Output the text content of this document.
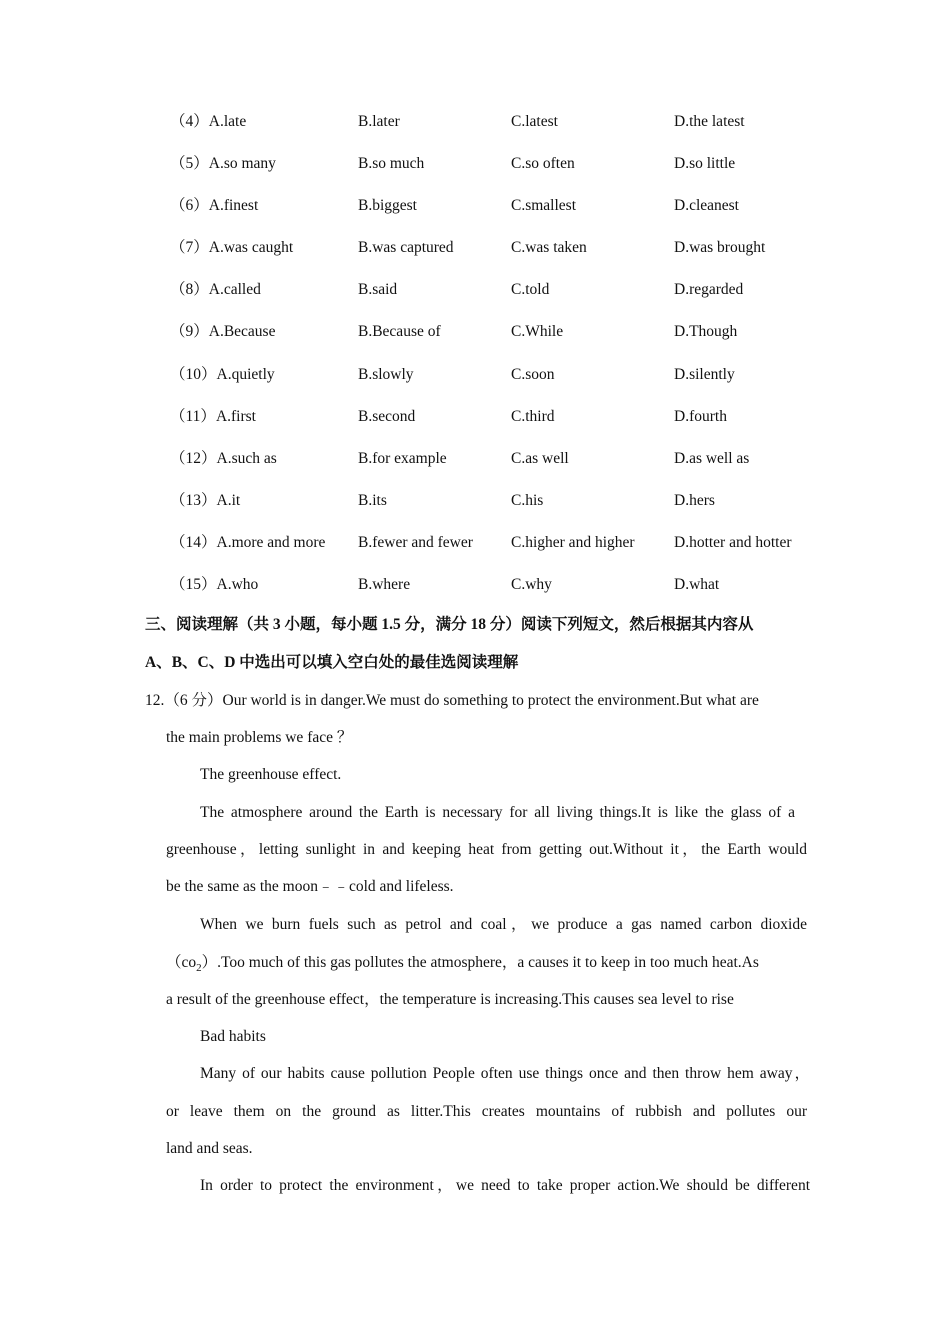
（4）A.late	B.later	C.latest	D.the latest
（5）A.so many	B.so much	C.so often	D.so little
（6）A.finest	B.biggest	C.smallest	D.cleanest
（7）A.was caught	B.was captured	C.was taken	D.was brought
（8）A.called	B.said	C.told	D.regarded
（9）A.Because	B.Because of	C.While	D.Though
（10）A.quietly	B.slowly	C.soon	D.silently
（11）A.first	B.second	C.third	D.fourth
（12）A.such as	B.for example	C.as well	D.as well as
（13）A.it	B.its	C.his	D.hers
（14）A.more and more B.fewer and fewer C.higher and higher	D.hotter and hotter
（15）A.who	B.where	C.why	D.what
三、阅读理解（共 3 小题，每小题 1.5 分，满分 18 分）阅读下列短文，然后根据其内容从
A、B、C、D 中选出可以填入空白处的最佳选阅读理解
12.（6 分）Our world is in danger.We must do something to protect the environment.But what are
the main problems we face ？
The greenhouse effect.
The atmosphere around the Earth is necessary for all living things.It is like the glass of a
greenhouse，letting sunlight in and keeping heat from getting out.Without it，the Earth would
be the same as the moon﹣﹣cold and lifeless.
When we burn fuels such as petrol and coal，we produce a gas named carbon dioxide
$(co_2).Too$ much of this gas pollutes the atmosphere，a causes it to keep in too much heat.As
a result of the greenhouse effect，the temperature is increasing.This causes sea level to rise
Bad habits
Many of our habits cause pollution People often use things once and then throw hem away，
or leave them on the ground as litter.This creates mountains of rubbish and pollutes our
land and seas.
In order to protect the environment，we need to take proper action.We should be different
